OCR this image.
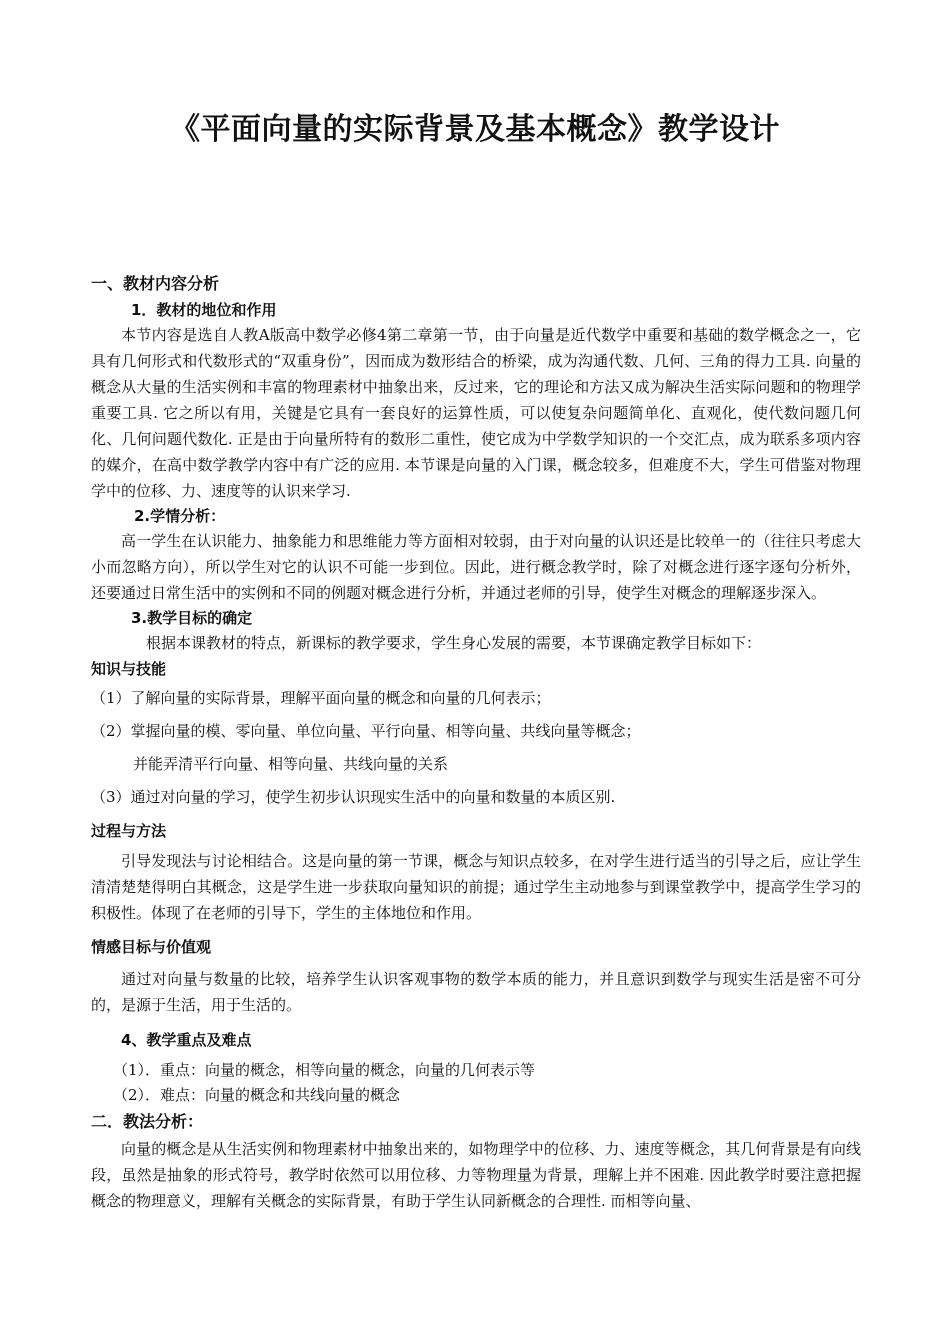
《平面向量的实际背景及基本概念》教学设计

一、教材内容分析

1．教材的地位和作用

本节内容是选自人教A版高中数学必修4第二章第一节，由于向量是近代数学中重要和基础的数学概念之一，它具有几何形式和代数形式的“双重身份”，因而成为数形结合的桥梁，成为沟通代数、几何、三角的得力工具. 向量的概念从大量的生活实例和丰富的物理素材中抽象出来，反过来，它的理论和方法又成为解决生活实际问题和的物理学重要工具. 它之所以有用，关键是它具有一套良好的运算性质，可以使复杂问题简单化、直观化，使代数问题几何化、几何问题代数化. 正是由于向量所特有的数形二重性，使它成为中学数学知识的一个交汇点，成为联系多项内容的媒介，在高中数学教学内容中有广泛的应用. 本节课是向量的入门课，概念较多，但难度不大，学生可借鉴对物理学中的位移、力、速度等的认识来学习.

2.学情分析：

高一学生在认识能力、抽象能力和思维能力等方面相对较弱，由于对向量的认识还是比较单一的（往往只考虑大小而忽略方向），所以学生对它的认识不可能一步到位。因此，进行概念教学时，除了对概念进行逐字逐句分析外，还要通过日常生活中的实例和不同的例题对概念进行分析，并通过老师的引导，使学生对概念的理解逐步深入。

3.教学目标的确定

根据本课教材的特点，新课标的教学要求，学生身心发展的需要，本节课确定教学目标如下：

知识与技能

（1）了解向量的实际背景，理解平面向量的概念和向量的几何表示；

（2）掌握向量的模、零向量、单位向量、平行向量、相等向量、共线向量等概念；

并能弄清平行向量、相等向量、共线向量的关系

（3）通过对向量的学习，使学生初步认识现实生活中的向量和数量的本质区别.

过程与方法

引导发现法与讨论相结合。这是向量的第一节课，概念与知识点较多，在对学生进行适当的引导之后，应让学生清清楚楚得明白其概念，这是学生进一步获取向量知识的前提；通过学生主动地参与到课堂教学中，提高学生学习的积极性。体现了在老师的引导下，学生的主体地位和作用。

情感目标与价值观

通过对向量与数量的比较，培养学生认识客观事物的数学本质的能力，并且意识到数学与现实生活是密不可分的，是源于生活，用于生活的。

4、教学重点及难点

（1）．重点：向量的概念，相等向量的概念，向量的几何表示等

（2）．难点：向量的概念和共线向量的概念

二．教法分析：

向量的概念是从生活实例和物理素材中抽象出来的，如物理学中的位移、力、速度等概念，其几何背景是有向线段，虽然是抽象的形式符号，教学时依然可以用位移、力等物理量为背景，理解上并不困难. 因此教学时要注意把握概念的物理意义，理解有关概念的实际背景，有助于学生认同新概念的合理性. 而相等向量、
